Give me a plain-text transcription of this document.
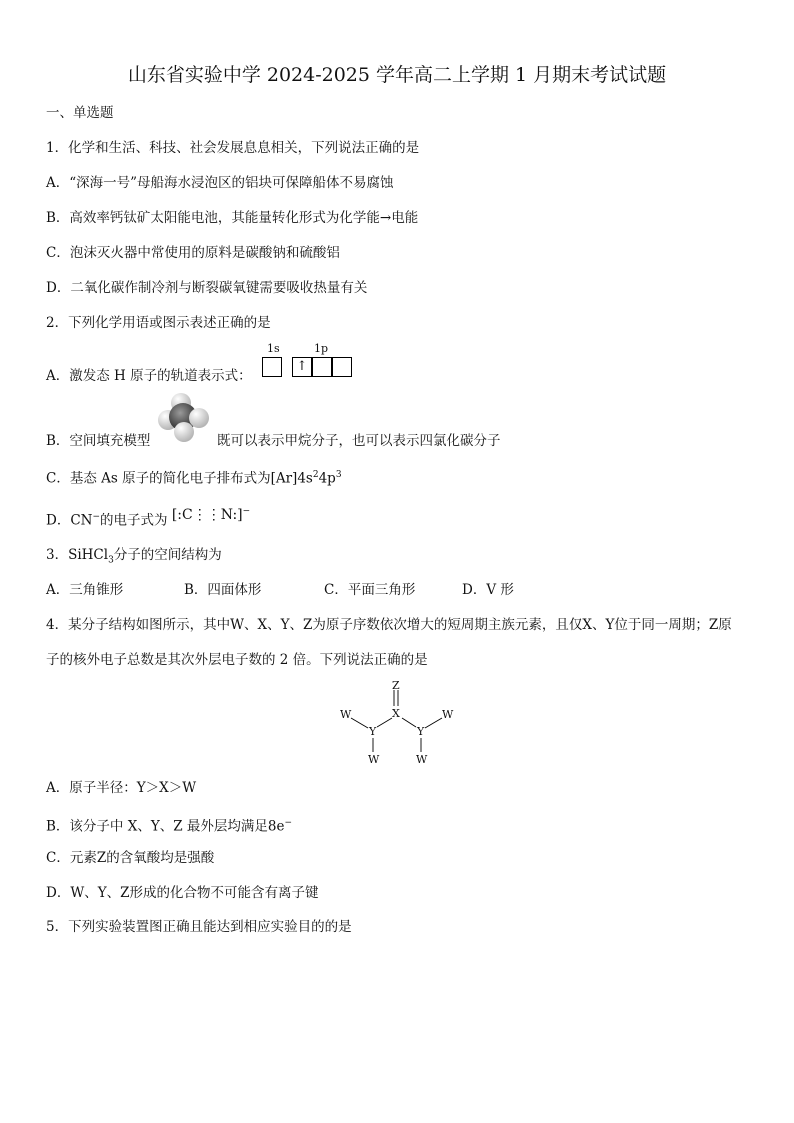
山东省实验中学 2024-2025 学年高二上学期 1 月期末考试试题
一、单选题
1．化学和生活、科技、社会发展息息相关，下列说法正确的是
A．“深海一号”母船海水浸泡区的铝块可保障船体不易腐蚀
B．高效率钙钛矿太阳能电池，其能量转化形式为化学能→电能
C．泡沫灭火器中常使用的原料是碳酸钠和硫酸铝
D．二氧化碳作制冷剂与断裂碳氧键需要吸收热量有关
2．下列化学用语或图示表述正确的是
A．激发态 H 原子的轨道表示式：
1s	1p
↑
B．空间填充模型	既可以表示甲烷分子，也可以表示四氯化碳分子
C．基态 As 原子的简化电子排布式为$[Ar]4s^24p^3$
D．CN−的电子式为 [:C⋮⋮N:]−
3．SiHCl$_3$分子的空间结构为
A．三角锥形	B．四面体形	C．平面三角形	D．V 形
4．某分子结构如图所示，其中W、X、Y、Z为原子序数依次增大的短周期主族元素，且仅X、Y位于同一周期；Z原
子的核外电子总数是其次外层电子数的 2 倍。下列说法正确的是
Z
X
W	W
Y	Y
W	W
A．原子半径：Y＞X＞W
B．该分子中 X、Y、Z 最外层均满足8e−
C．元素Z的含氧酸均是强酸
D．W、Y、Z形成的化合物不可能含有离子键
5．下列实验装置图正确且能达到相应实验目的的是
